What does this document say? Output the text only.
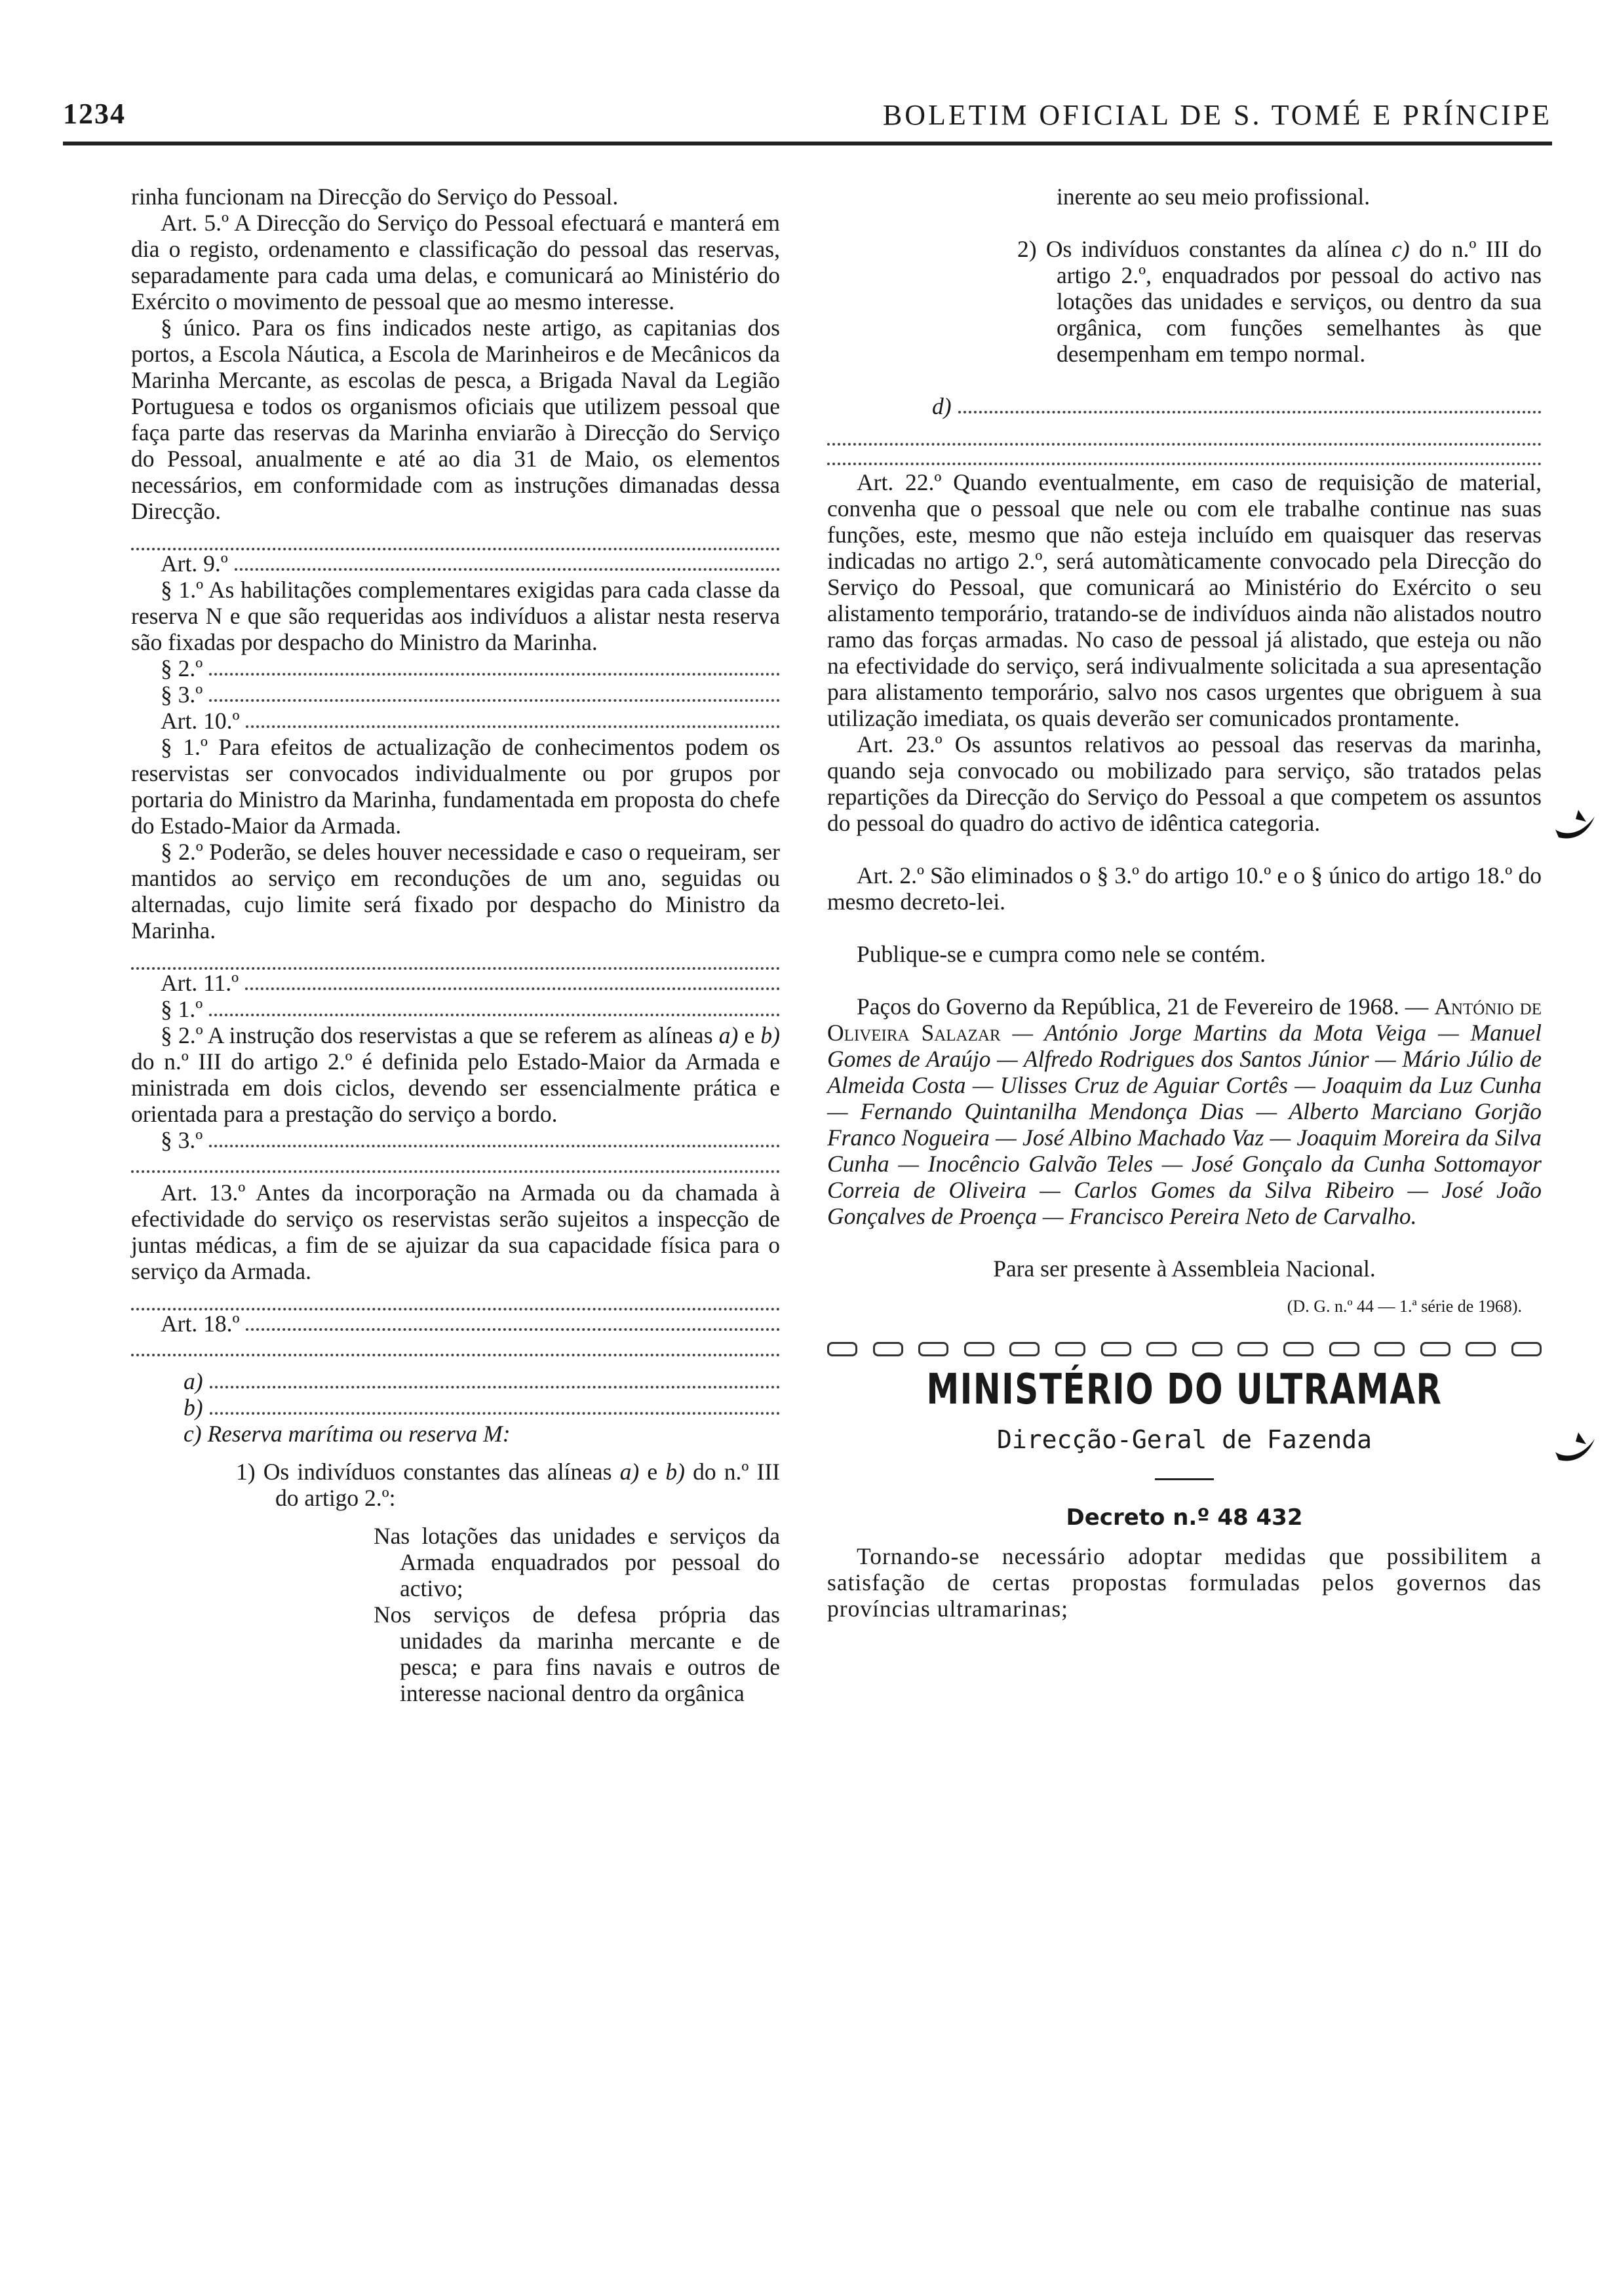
1234	BOLETIM OFICIAL DE S. TOMÉ E PRÍNCIPE

rinha funcionam na Direcção do Serviço do Pessoal.

Art. 5.º A Direcção do Serviço do Pessoal efectuará e manterá em dia o registo, ordenamento e classificação do pessoal das reservas, separadamente para cada uma delas, e comunicará ao Ministério do Exército o movimento de pessoal que ao mesmo interesse.

§ único. Para os fins indicados neste artigo, as capitanias dos portos, a Escola Náutica, a Escola de Marinheiros e de Mecânicos da Marinha Mercante, as escolas de pesca, a Brigada Naval da Legião Portuguesa e todos os organismos oficiais que utilizem pessoal que faça parte das reservas da Marinha enviarão à Direcção do Serviço do Pessoal, anualmente e até ao dia 31 de Maio, os elementos necessários, em conformidade com as instruções dimanadas dessa Direcção.

Art. 9.º

§ 1.º As habilitações complementares exigidas para cada classe da reserva N e que são requeridas aos indivíduos a alistar nesta reserva são fixadas por despacho do Ministro da Marinha.

§ 2.º
§ 3.º
Art. 10.º

§ 1.º Para efeitos de actualização de conhecimentos podem os reservistas ser convocados individualmente ou por grupos por portaria do Ministro da Marinha, fundamentada em proposta do chefe do Estado-Maior da Armada.

§ 2.º Poderão, se deles houver necessidade e caso o requeiram, ser mantidos ao serviço em reconduções de um ano, seguidas ou alternadas, cujo limite será fixado por despacho do Ministro da Marinha.

Art. 11.º
§ 1.º

§ 2.º A instrução dos reservistas a que se referem as alíneas a) e b) do n.º III do artigo 2.º é definida pelo Estado-Maior da Armada e ministrada em dois ciclos, devendo ser essencialmente prática e orientada para a prestação do serviço a bordo.

§ 3.º

Art. 13.º Antes da incorporação na Armada ou da chamada à efectividade do serviço os reservistas serão sujeitos a inspecção de juntas médicas, a fim de se ajuizar da sua capacidade física para o serviço da Armada.

Art. 18.º
a)
b)

c) Reserva marítima ou reserva M:

1) Os indivíduos constantes das alíneas a) e b) do n.º III do artigo 2.º:

Nas lotações das unidades e serviços da Armada enquadrados por pessoal do activo;

Nos serviços de defesa própria das unidades da marinha mercante e de pesca; e para fins navais e outros de interesse nacional dentro da orgânica

inerente ao seu meio profissional.

2) Os indivíduos constantes da alínea c) do n.º III do artigo 2.º, enquadrados por pessoal do activo nas lotações das unidades e serviços, ou dentro da sua orgânica, com funções semelhantes às que desempenham em tempo normal.

d)

Art. 22.º Quando eventualmente, em caso de requisição de material, convenha que o pessoal que nele ou com ele trabalhe continue nas suas funções, este, mesmo que não esteja incluído em quaisquer das reservas indicadas no artigo 2.º, será automàticamente convocado pela Direcção do Serviço do Pessoal, que comunicará ao Ministério do Exército o seu alistamento temporário, tratando-se de indivíduos ainda não alistados noutro ramo das forças armadas. No caso de pessoal já alistado, que esteja ou não na efectividade do serviço, será indivualmente solicitada a sua apresentação para alistamento temporário, salvo nos casos urgentes que obriguem à sua utilização imediata, os quais deverão ser comunicados prontamente.

Art. 23.º Os assuntos relativos ao pessoal das reservas da marinha, quando seja convocado ou mobilizado para serviço, são tratados pelas repartições da Direcção do Serviço do Pessoal a que competem os assuntos do pessoal do quadro do activo de idêntica categoria.

Art. 2.º São eliminados o § 3.º do artigo 10.º e o § único do artigo 18.º do mesmo decreto-lei.

Publique-se e cumpra como nele se contém.

Paços do Governo da República, 21 de Fevereiro de 1968. — António de Oliveira Salazar — António Jorge Martins da Mota Veiga — Manuel Gomes de Araújo — Alfredo Rodrigues dos Santos Júnior — Mário Júlio de Almeida Costa — Ulisses Cruz de Aguiar Cortês — Joaquim da Luz Cunha — Fernando Quintanilha Mendonça Dias — Alberto Marciano Gorjão Franco Nogueira — José Albino Machado Vaz — Joaquim Moreira da Silva Cunha — Inocêncio Galvão Teles — José Gonçalo da Cunha Sottomayor Correia de Oliveira — Carlos Gomes da Silva Ribeiro — José João Gonçalves de Proença — Francisco Pereira Neto de Carvalho.

Para ser presente à Assembleia Nacional.

(D. G. n.º 44 — 1.ª série de 1968).

MINISTÉRIO DO ULTRAMAR
Direcção-Geral de Fazenda
Decreto n.º 48 432

Tornando-se necessário adoptar medidas que possibilitem a satisfação de certas propostas formuladas pelos governos das províncias ultramarinas;
